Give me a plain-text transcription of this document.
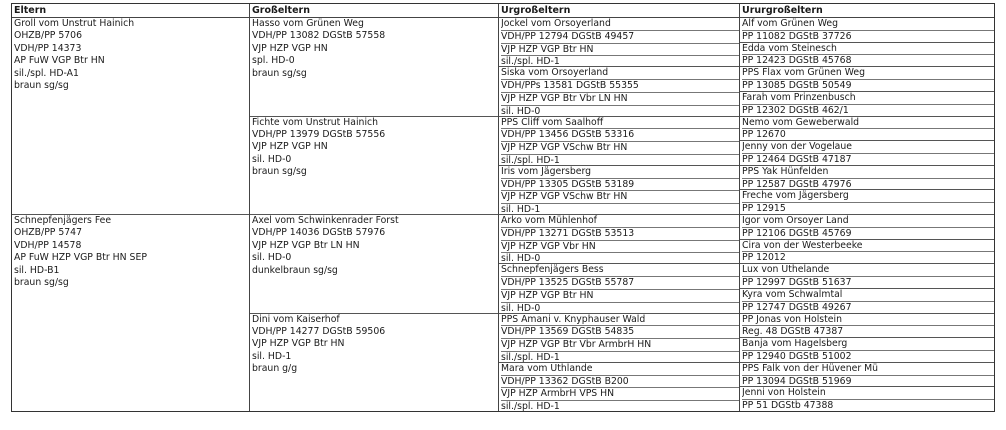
Eltern
Groll vom Unstrut Hainich
ÖHZB/PP 5706
VDH/PP 14373
AP FuW VGP Btr HN
sil./spl. HD-A1
braun sg/sg
Schnepfenjägers Fee
ÖHZB/PP 5747
VDH/PP 14578
AP FuW HZP VGP Btr HN SEP
sil. HD-B1
braun sg/sg
Großeltern
Hasso vom Grünen Weg
VDH/PP 13082 DGStB 57558
VJP HZP VGP HN
spl. HD-0
braun sg/sg
Fichte vom Unstrut Hainich
VDH/PP 13979 DGStB 57556
VJP HZP VGP HN
sil. HD-0
braun sg/sg
Axel vom Schwinkenrader Forst
VDH/PP 14036 DGStB 57976
VJP HZP VGP Btr LN HN
sil. HD-0
dunkelbraun sg/sg
Dini vom Kaiserhof
VDH/PP 14277 DGStB 59506
VJP HZP VGP Btr HN
sil. HD-1
braun g/g
Urgroßeltern
Jockel vom Orsoyerland
VDH/PP 12794 DGStB 49457
VJP HZP VGP Btr HN
sil./spl. HD-1
Siska vom Orsoyerland
VDH/PPs 13581 DGStB 55355
VJP HZP VGP Btr Vbr LN HN
sil. HD-0
PPS Cliff vom Saalhoff
VDH/PP 13456 DGStB 53316
VJP HZP VGP VSchw Btr HN
sil./spl. HD-1
Iris vom Jägersberg
VDH/PP 13305 DGStB 53189
VJP HZP VGP VSchw Btr HN
sil. HD-1
Arko vom Mühlenhof
VDH/PP 13271 DGStB 53513
VJP HZP VGP Vbr HN
sil. HD-0
Schnepfenjägers Bess
VDH/PP 13525 DGStB 55787
VJP HZP VGP Btr HN
sil. HD-0
PPS Amani v. Knyphauser Wald
VDH/PP 13569 DGStB 54835
VJP HZP VGP Btr Vbr ArmbrH HN
sil./spl. HD-1
Mara vom Uthlande
VDH/PP 13362 DGStB B200
VJP HZP ArmbrH VPS HN
sil./spl. HD-1
Ururgroßeltern
Alf vom Grünen Weg
PP 11082 DGStB 37726
Edda vom Steinesch
PP 12423 DGStB 45768
PPS Flax vom Grünen Weg
PP 13085 DGStB 50549
Farah vom Prinzenbusch
PP 12302 DGStB 462/1
Nemo vom Geweberwald
PP 12670
Jenny von der Vogelaue
PP 12464 DGStB 47187
PPS Yak Hünfelden
PP 12587 DGStB 47976
Freche vom Jägersberg
PP 12915
Igor vom Orsoyer Land
PP 12106 DGStB 45769
Cira von der Westerbeeke
PP 12012
Lux von Uthelande
PP 12997 DGStB 51637
Kyra vom Schwalmtal
PP 12747 DGStB 49267
PP Jonas von Holstein
Reg. 48 DGStB 47387
Banja vom Hagelsberg
PP 12940 DGStB 51002
PPS Falk von der Hüvener Mü
PP 13094 DGStB 51969
Jenni von Holstein
PP 51 DGStb 47388
